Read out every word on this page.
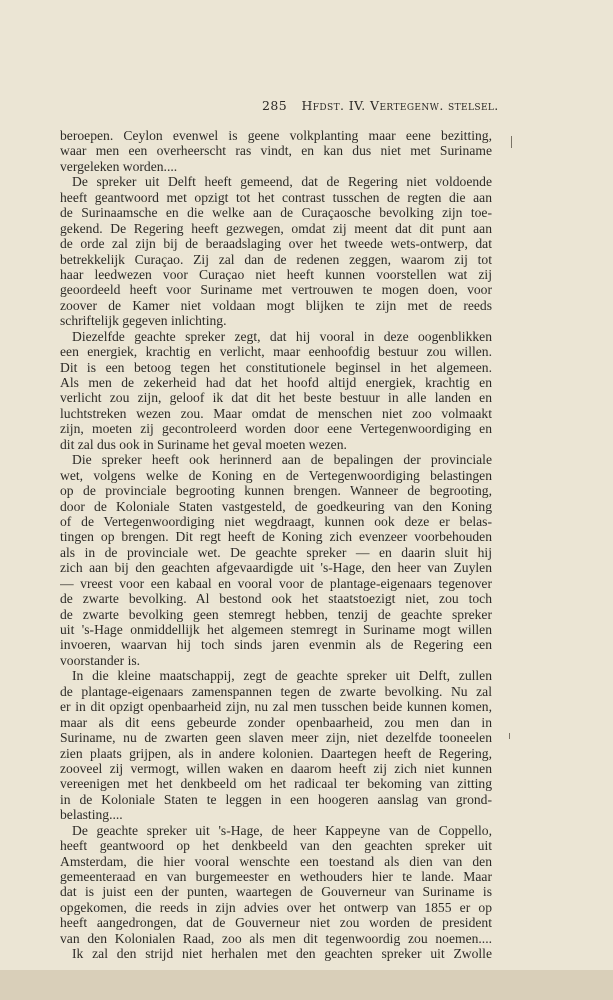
285 Hfdst. IV. Vertegenw. stelsel.
beroepen. Ceylon evenwel is geene volkplanting maar eene bezitting,
waar men een overheerscht ras vindt, en kan dus niet met Suriname
vergeleken worden....
De spreker uit Delft heeft gemeend, dat de Regering niet voldoende
heeft geantwoord met opzigt tot het contrast tusschen de regten die aan
de Surinaamsche en die welke aan de Curaçaosche bevolking zijn toe-
gekend. De Regering heeft gezwegen, omdat zij meent dat dit punt aan
de orde zal zijn bij de beraadslaging over het tweede wets-ontwerp, dat
betrekkelijk Curaçao. Zij zal dan de redenen zeggen, waarom zij tot
haar leedwezen voor Curaçao niet heeft kunnen voorstellen wat zij
geoordeeld heeft voor Suriname met vertrouwen te mogen doen, voor
zoover de Kamer niet voldaan mogt blijken te zijn met de reeds
schriftelijk gegeven inlichting.
Diezelfde geachte spreker zegt, dat hij vooral in deze oogenblikken
een energiek, krachtig en verlicht, maar eenhoofdig bestuur zou willen.
Dit is een betoog tegen het constitutionele beginsel in het algemeen.
Als men de zekerheid had dat het hoofd altijd energiek, krachtig en
verlicht zou zijn, geloof ik dat dit het beste bestuur in alle landen en
luchtstreken wezen zou. Maar omdat de menschen niet zoo volmaakt
zijn, moeten zij gecontroleerd worden door eene Vertegenwoordiging en
dit zal dus ook in Suriname het geval moeten wezen.
Die spreker heeft ook herinnerd aan de bepalingen der provinciale
wet, volgens welke de Koning en de Vertegenwoordiging belastingen
op de provinciale begrooting kunnen brengen. Wanneer de begrooting,
door de Koloniale Staten vastgesteld, de goedkeuring van den Koning
of de Vertegenwoordiging niet wegdraagt, kunnen ook deze er belas-
tingen op brengen. Dit regt heeft de Koning zich evenzeer voorbehouden
als in de provinciale wet. De geachte spreker — en daarin sluit hij
zich aan bij den geachten afgevaardigde uit 's-Hage, den heer van Zuylen
— vreest voor een kabaal en vooral voor de plantage-eigenaars tegenover
de zwarte bevolking. Al bestond ook het staatstoezigt niet, zou toch
de zwarte bevolking geen stemregt hebben, tenzij de geachte spreker
uit 's-Hage onmiddellijk het algemeen stemregt in Suriname mogt willen
invoeren, waarvan hij toch sinds jaren evenmin als de Regering een
voorstander is.
In die kleine maatschappij, zegt de geachte spreker uit Delft, zullen
de plantage-eigenaars zamenspannen tegen de zwarte bevolking. Nu zal
er in dit opzigt openbaarheid zijn, nu zal men tusschen beide kunnen komen,
maar als dit eens gebeurde zonder openbaarheid, zou men dan in
Suriname, nu de zwarten geen slaven meer zijn, niet dezelfde tooneelen
zien plaats grijpen, als in andere kolonien. Daartegen heeft de Regering,
zooveel zij vermogt, willen waken en daarom heeft zij zich niet kunnen
vereenigen met het denkbeeld om het radicaal ter bekoming van zitting
in de Koloniale Staten te leggen in een hoogeren aanslag van grond-
belasting....
De geachte spreker uit 's-Hage, de heer Kappeyne van de Coppello,
heeft geantwoord op het denkbeeld van den geachten spreker uit
Amsterdam, die hier vooral wenschte een toestand als dien van den
gemeenteraad en van burgemeester en wethouders hier te lande. Maar
dat is juist een der punten, waartegen de Gouverneur van Suriname is
opgekomen, die reeds in zijn advies over het ontwerp van 1855 er op
heeft aangedrongen, dat de Gouverneur niet zou worden de president
van den Kolonialen Raad, zoo als men dit tegenwoordig zou noemen....
Ik zal den strijd niet herhalen met den geachten spreker uit Zwolle
